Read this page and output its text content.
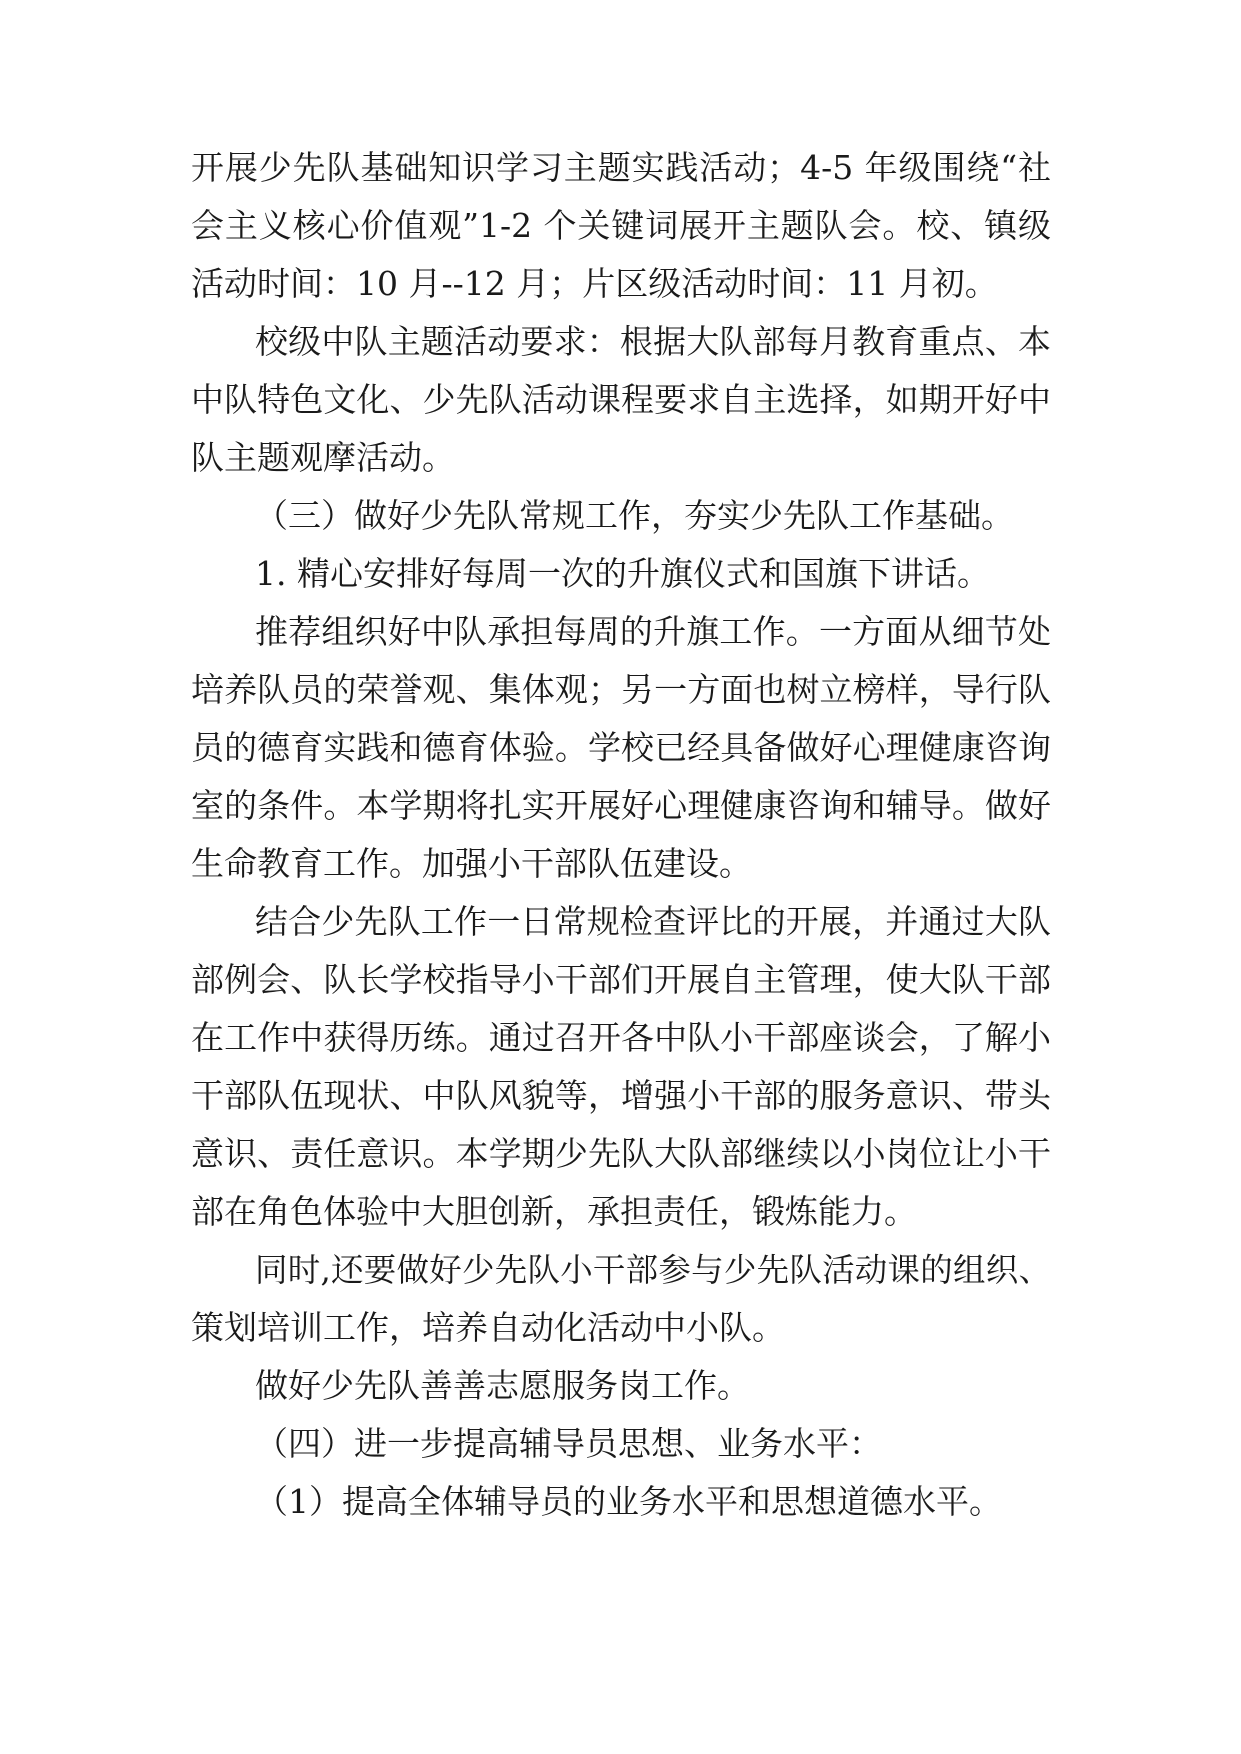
开展少先队基础知识学习主题实践活动；4-5 年级围绕“社
会主义核心价值观”1-2 个关键词展开主题队会。校、镇级
活动时间：10 月--12 月；片区级活动时间：11 月初。
校级中队主题活动要求：根据大队部每月教育重点、本
中队特色文化、少先队活动课程要求自主选择，如期开好中
队主题观摩活动。
（三）做好少先队常规工作，夯实少先队工作基础。
1. 精心安排好每周一次的升旗仪式和国旗下讲话。
推荐组织好中队承担每周的升旗工作。一方面从细节处
培养队员的荣誉观、集体观；另一方面也树立榜样，导行队
员的德育实践和德育体验。学校已经具备做好心理健康咨询
室的条件。本学期将扎实开展好心理健康咨询和辅导。做好
生命教育工作。加强小干部队伍建设。
结合少先队工作一日常规检查评比的开展，并通过大队
部例会、队长学校指导小干部们开展自主管理，使大队干部
在工作中获得历练。通过召开各中队小干部座谈会，了解小
干部队伍现状、中队风貌等，增强小干部的服务意识、带头
意识、责任意识。本学期少先队大队部继续以小岗位让小干
部在角色体验中大胆创新，承担责任，锻炼能力。
同时,还要做好少先队小干部参与少先队活动课的组织、
策划培训工作，培养自动化活动中小队。
做好少先队善善志愿服务岗工作。
（四）进一步提高辅导员思想、业务水平：
（1）提高全体辅导员的业务水平和思想道德水平。
